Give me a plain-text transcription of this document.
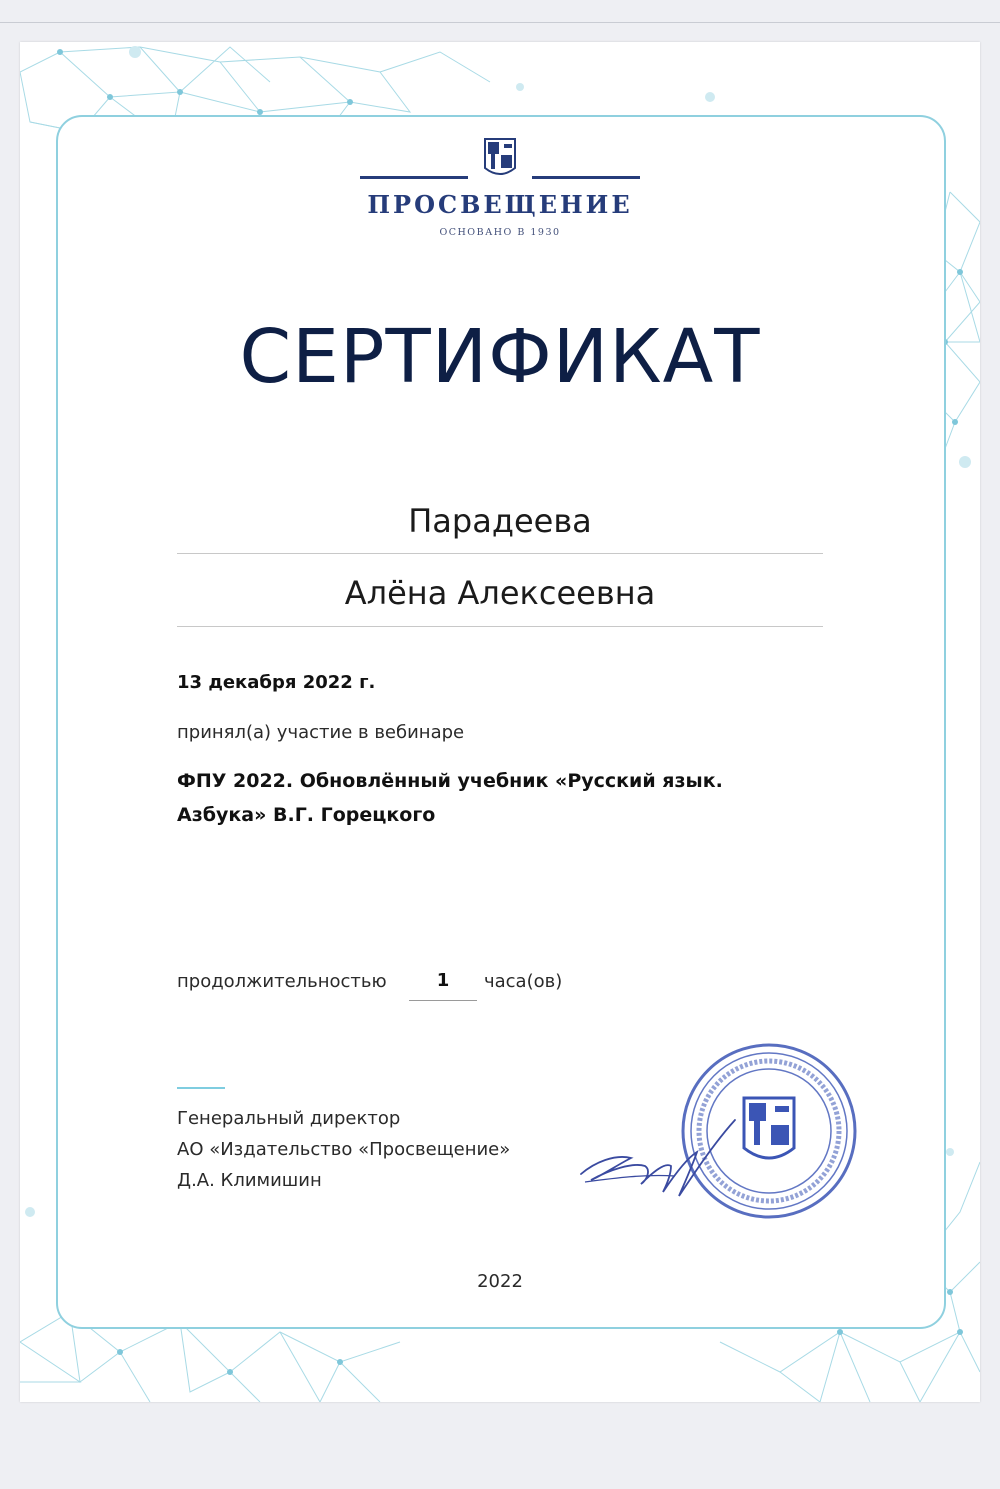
ПРОСВЕЩЕНИЕ
ОСНОВАНО В 1930
СЕРТИФИКАТ
Парадеева
Алёна Алексеевна
13 декабря 2022 г.
принял(а) участие в вебинаре
ФПУ 2022. Обновлённый учебник «Русский язык.
Азбука» В.Г. Горецкого
продолжительностью	1	часа(ов)
Генеральный директор
АО «Издательство «Просвещение»
Д.А. Климишин
2022
